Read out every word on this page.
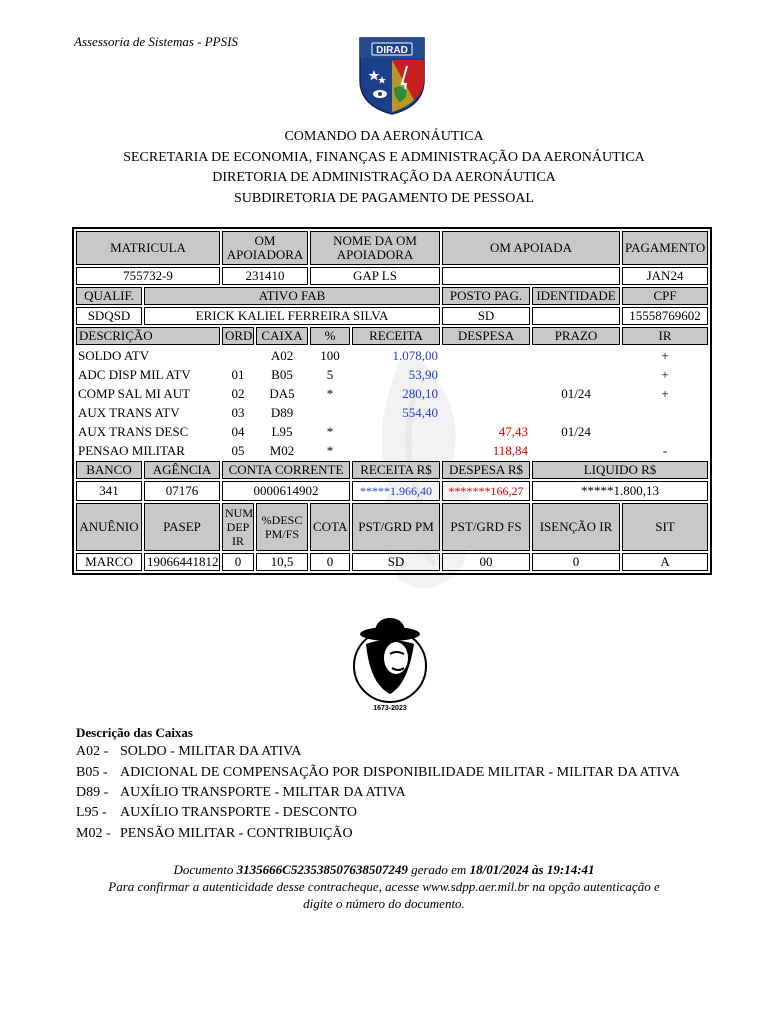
Assessoria de Sistemas - PPSIS
DIRAD
COMANDO DA AERONÁUTICA
SECRETARIA DE ECONOMIA, FINANÇAS E ADMINISTRAÇÃO DA AERONÁUTICA
DIRETORIA DE ADMINISTRAÇÃO DA AERONÁUTICA
SUBDIRETORIA DE PAGAMENTO DE PESSOAL
MATRICULA		OM APOIADORA		NOME DA OM APOIADORA		OM APOIADA		PAGAMENTO
755732-9		231410		GAP LS				JAN24
QUALIF.	ATIVO FAB					POSTO PAG.	IDENTIDADE	CPF
SDQSD	ERICK KALIEL FERREIRA SILVA					SD		15558769602
DESCRIÇÃO		ORD	CAIXA	%	RECEITA	DESPESA	PRAZO	IR
SOLDO ATV			A02	100	1.078,00			+
ADC DISP MIL ATV		01	B05	5	53,90			+
COMP SAL MI AUT		02	DA5	*	280,10		01/24	+
AUX TRANS ATV		03	D89		554,40			
AUX TRANS DESC		04	L95	*		47,43	01/24	
PENSAO MILITAR		05	M02	*		118,84		-
BANCO	AGÊNCIA	CONTA CORRENTE			RECEITA R$	DESPESA R$	LIQUIDO R$	
341	07176	0000614902			*****1.966,40	*******166,27	*****1.800,13	
ANUÊNIO	PASEP	NUM DEP IR	%DESC PM/FS	COTA	PST/GRD PM	PST/GRD FS	ISENÇÃO IR	SIT
MARCO	19066441812	0	10,5	0	SD	00	0	A
1673-2023
Descrição das Caixas
A02 - SOLDO - MILITAR DA ATIVA
B05 - ADICIONAL DE COMPENSAÇÃO POR DISPONIBILIDADE MILITAR - MILITAR DA ATIVA
D89 - AUXÍLIO TRANSPORTE - MILITAR DA ATIVA
L95 - AUXÍLIO TRANSPORTE - DESCONTO
M02 - PENSÃO MILITAR - CONTRIBUIÇÃO
Documento 3135666C523538507638507249 gerado em 18/01/2024 às 19:14:41
Para confirmar a autenticidade desse contracheque, acesse www.sdpp.aer.mil.br na opção autenticação e
digite o número do documento.
